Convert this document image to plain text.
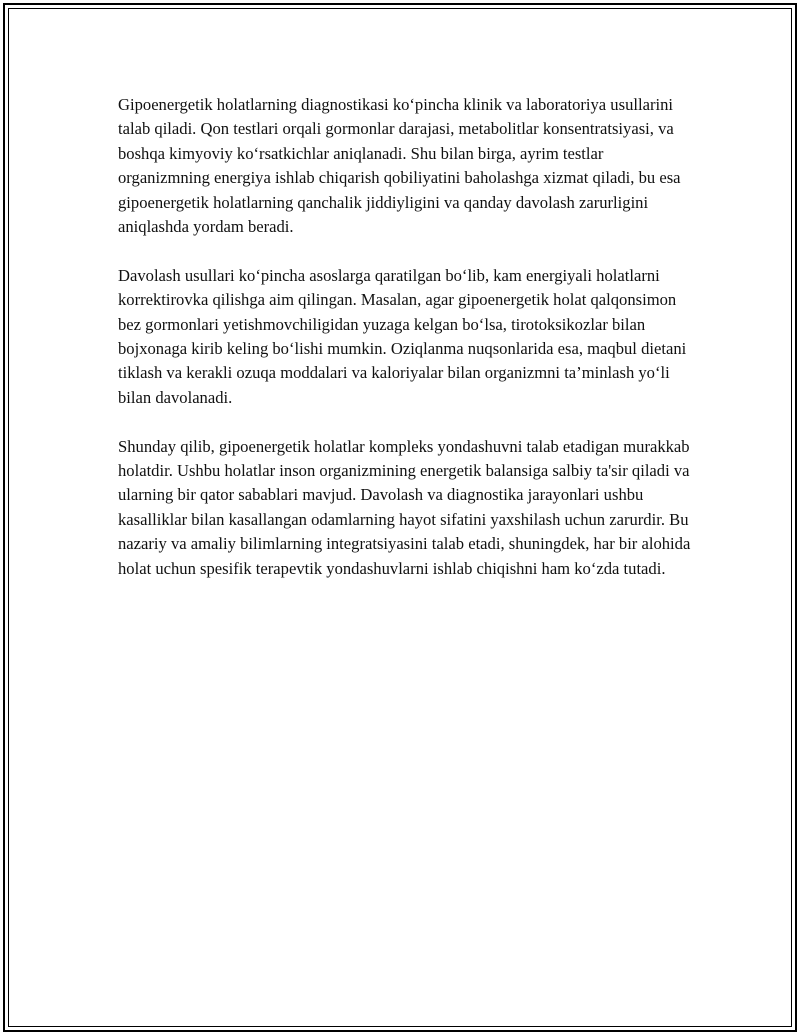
Gipoenergetik holatlarning diagnostikasi ko‘pincha klinik va laboratoriya usullarini talab qiladi. Qon testlari orqali gormonlar darajasi, metabolitlar konsentratsiyasi, va boshqa kimyoviy ko‘rsatkichlar aniqlanadi. Shu bilan birga, ayrim testlar organizmning energiya ishlab chiqarish qobiliyatini baholashga xizmat qiladi, bu esa gipoenergetik holatlarning qanchalik jiddiyligini va qanday davolash zarurligini aniqlashda yordam beradi.

Davolash usullari ko‘pincha asoslarga qaratilgan bo‘lib, kam energiyali holatlarni korrektirovka qilishga aim qilingan. Masalan, agar gipoenergetik holat qalqonsimon bez gormonlari yetishmovchiligidan yuzaga kelgan bo‘lsa, tirotoksikozlar bilan bojxonaga kirib keling bo‘lishi mumkin. Oziqlanma nuqsonlarida esa, maqbul dietani tiklash va kerakli ozuqa moddalari va kaloriyalar bilan organizmni ta’minlash yo‘li bilan davolanadi.

Shunday qilib, gipoenergetik holatlar kompleks yondashuvni talab etadigan murakkab holatdir. Ushbu holatlar inson organizmining energetik balansiga salbiy ta'sir qiladi va ularning bir qator sabablari mavjud. Davolash va diagnostika jarayonlari ushbu kasalliklar bilan kasallangan odamlarning hayot sifatini yaxshilash uchun zarurdir. Bu nazariy va amaliy bilimlarning integratsiyasini talab etadi, shuningdek, har bir alohida holat uchun spesifik terapevtik yondashuvlarni ishlab chiqishni ham ko‘zda tutadi.
